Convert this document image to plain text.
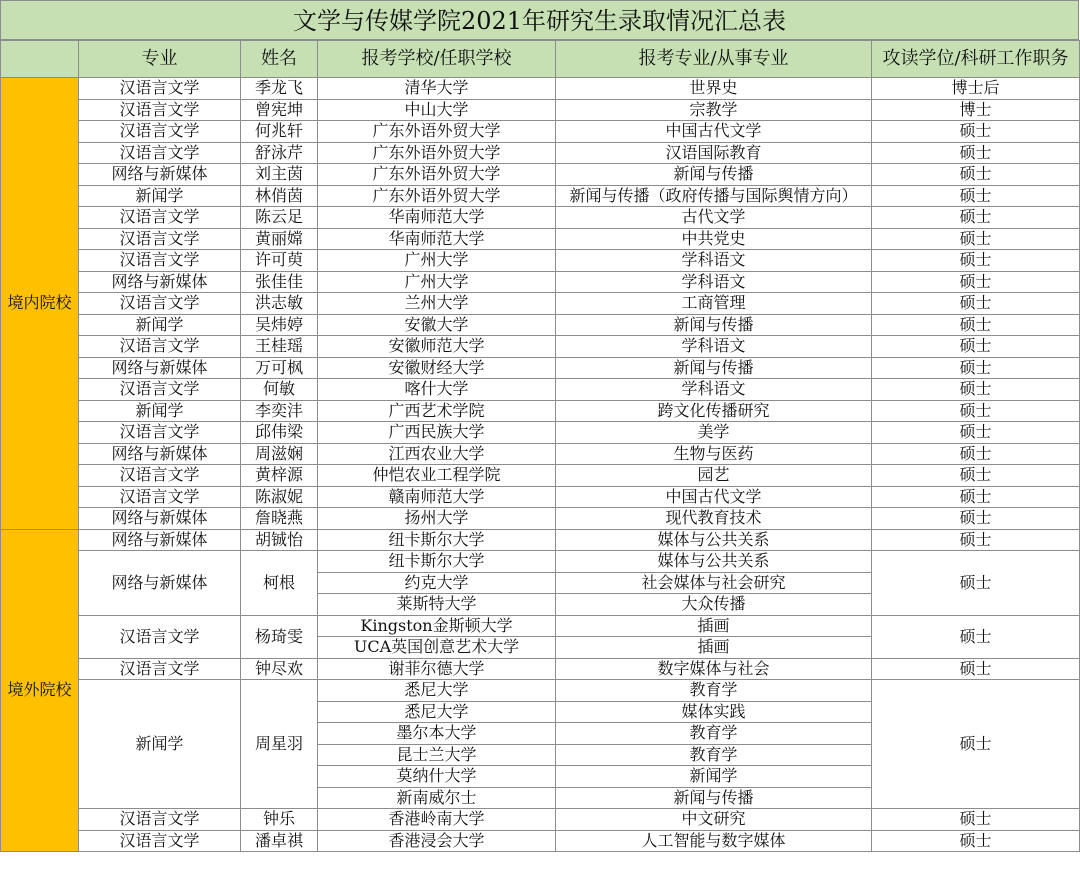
文学与传媒学院2021年研究生录取情况汇总表
	专业	姓名	报考学校/任职学校	报考专业/从事专业	攻读学位/科研工作职务
境内院校	汉语言文学	季龙飞	清华大学	世界史	博士后
	汉语言文学	曾宪坤	中山大学	宗教学	博士
	汉语言文学	何兆轩	广东外语外贸大学	中国古代文学	硕士
	汉语言文学	舒泳芹	广东外语外贸大学	汉语国际教育	硕士
	网络与新媒体	刘主茵	广东外语外贸大学	新闻与传播	硕士
	新闻学	林俏茵	广东外语外贸大学	新闻与传播（政府传播与国际舆情方向）	硕士
	汉语言文学	陈云足	华南师范大学	古代文学	硕士
	汉语言文学	黄丽嫦	华南师范大学	中共党史	硕士
	汉语言文学	许可萸	广州大学	学科语文	硕士
	网络与新媒体	张佳佳	广州大学	学科语文	硕士
	汉语言文学	洪志敏	兰州大学	工商管理	硕士
	新闻学	吴炜婷	安徽大学	新闻与传播	硕士
	汉语言文学	王桂瑶	安徽师范大学	学科语文	硕士
	网络与新媒体	万可枫	安徽财经大学	新闻与传播	硕士
	汉语言文学	何敏	喀什大学	学科语文	硕士
	新闻学	李奕沣	广西艺术学院	跨文化传播研究	硕士
	汉语言文学	邱伟梁	广西民族大学	美学	硕士
	网络与新媒体	周滋娴	江西农业大学	生物与医药	硕士
	汉语言文学	黄梓源	仲恺农业工程学院	园艺	硕士
	汉语言文学	陈淑妮	赣南师范大学	中国古代文学	硕士
	网络与新媒体	詹晓燕	扬州大学	现代教育技术	硕士
境外院校	网络与新媒体	胡铖怡	纽卡斯尔大学	媒体与公共关系	硕士
	网络与新媒体	柯根	纽卡斯尔大学	媒体与公共关系	硕士
			约克大学	社会媒体与社会研究	
			莱斯特大学	大众传播	
	汉语言文学	杨琦雯	Kingston金斯顿大学	插画	硕士
			UCA英国创意艺术大学	插画	
	汉语言文学	钟尽欢	谢菲尔德大学	数字媒体与社会	硕士
	新闻学	周星羽	悉尼大学	教育学	硕士
			悉尼大学	媒体实践	
			墨尔本大学	教育学	
			昆士兰大学	教育学	
			莫纳什大学	新闻学	
			新南威尔士	新闻与传播	
	汉语言文学	钟乐	香港岭南大学	中文研究	硕士
	汉语言文学	潘卓祺	香港浸会大学	人工智能与数字媒体	硕士
